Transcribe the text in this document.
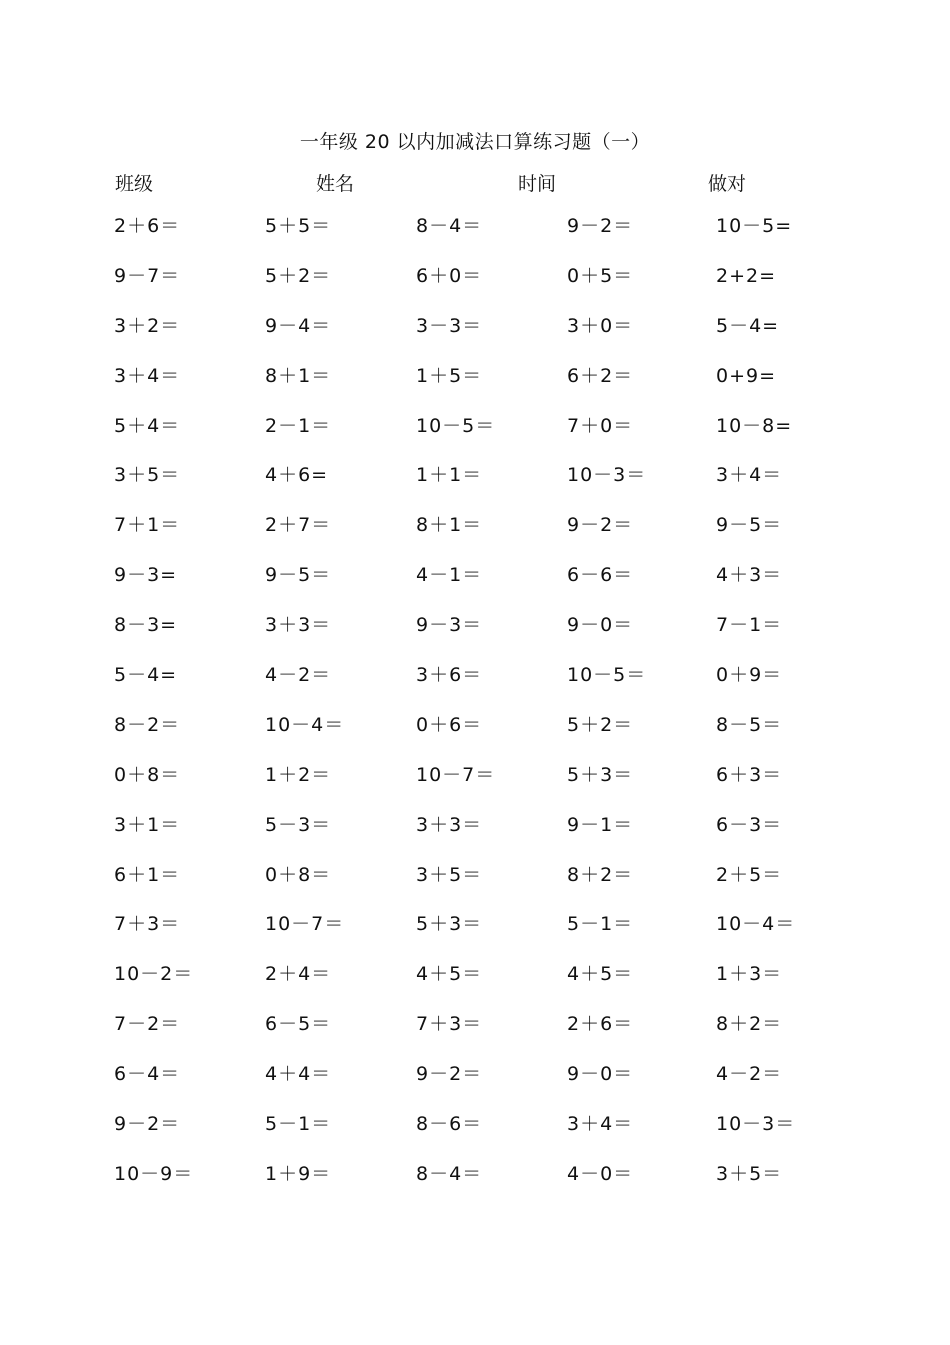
一年级 20 以内加减法口算练习题（一）
班级	姓名	时间	做对
2＋6＝	5＋5＝	8－4＝	9－2＝	10－5=
9－7＝	5＋2＝	6＋0＝	0＋5＝	2+2=
3＋2＝	9－4＝	3－3＝	3＋0＝	5－4=
3＋4＝	8＋1＝	1＋5＝	6＋2＝	0+9=
5＋4＝	2－1＝	10－5＝	7＋0＝	10－8=
3＋5＝	4＋6=	1＋1＝	10－3＝	3＋4＝
7＋1＝	2＋7＝	8＋1＝	9－2＝	9－5＝
9－3=	9－5＝	4－1＝	6－6＝	4＋3＝
8－3=	3＋3＝	9－3＝	9－0＝	7－1＝
5－4=	4－2＝	3＋6＝	10－5＝	0＋9＝
8－2＝	10－4＝	0＋6＝	5＋2＝	8－5＝
0＋8＝	1＋2＝	10－7＝	5＋3＝	6＋3＝
3＋1＝	5－3＝	3＋3＝	9－1＝	6－3＝
6＋1＝	0＋8＝	3＋5＝	8＋2＝	2＋5＝
7＋3＝	10－7＝	5＋3＝	5－1＝	10－4＝
10－2＝	2＋4＝	4＋5＝	4＋5＝	1＋3＝
7－2＝	6－5＝	7＋3＝	2＋6＝	8＋2＝
6－4＝	4＋4＝	9－2＝	9－0＝	4－2＝
9－2＝	5－1＝	8－6＝	3＋4＝	10－3＝
10－9＝	1＋9＝	8－4＝	4－0＝	3＋5＝
